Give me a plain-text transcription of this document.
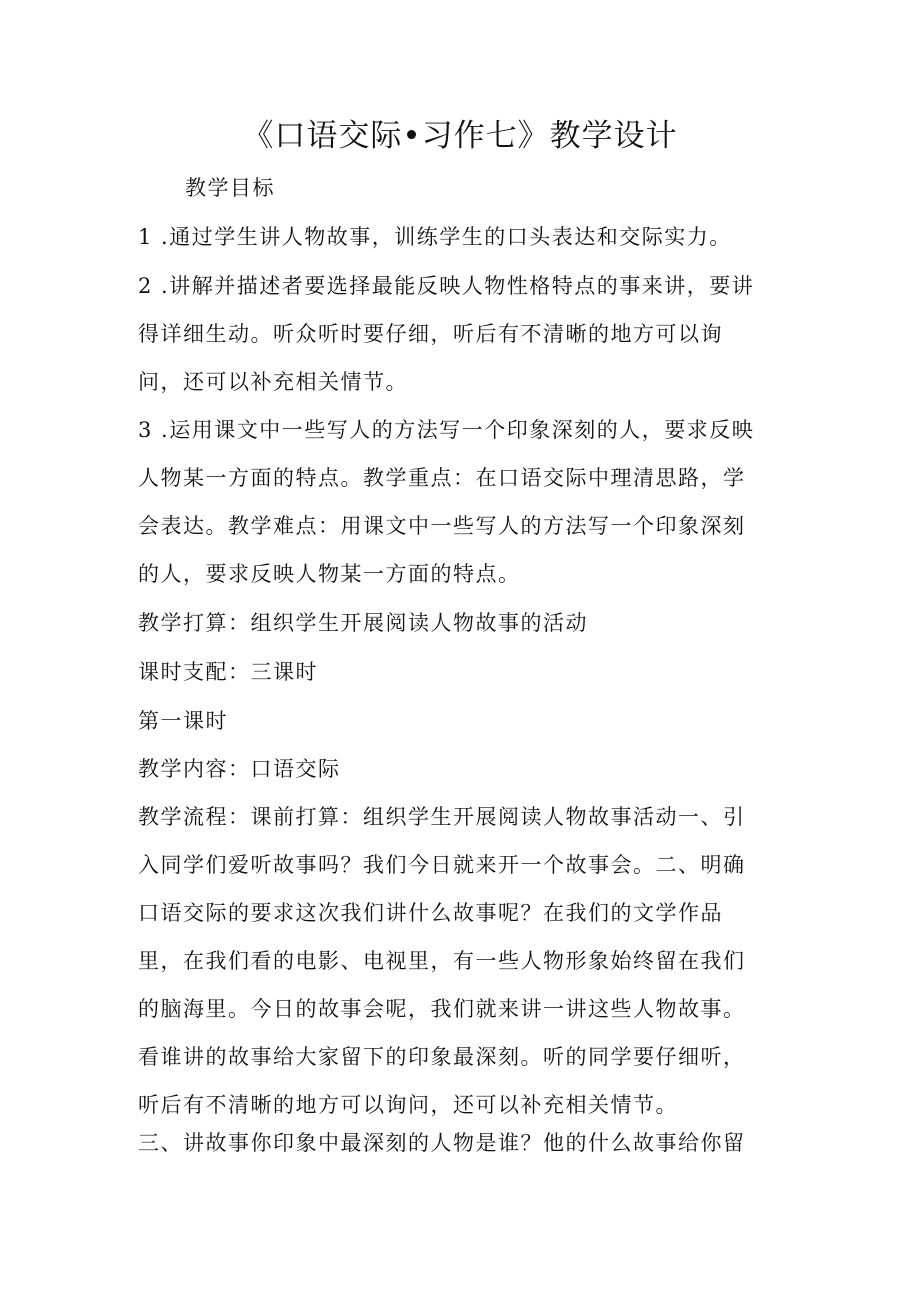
《口语交际•习作七》教学设计
教学目标
1 .通过学生讲人物故事，训练学生的口头表达和交际实力。
2 .讲解并描述者要选择最能反映人物性格特点的事来讲，要讲
得详细生动。听众听时要仔细，听后有不清晰的地方可以询
问，还可以补充相关情节。
3 .运用课文中一些写人的方法写一个印象深刻的人，要求反映
人物某一方面的特点。教学重点：在口语交际中理清思路，学
会表达。教学难点：用课文中一些写人的方法写一个印象深刻
的人，要求反映人物某一方面的特点。
教学打算：组织学生开展阅读人物故事的活动
课时支配：三课时
第一课时
教学内容：口语交际
教学流程：课前打算：组织学生开展阅读人物故事活动一、引
入同学们爱听故事吗？我们今日就来开一个故事会。二、明确
口语交际的要求这次我们讲什么故事呢？在我们的文学作品
里，在我们看的电影、电视里，有一些人物形象始终留在我们
的脑海里。今日的故事会呢，我们就来讲一讲这些人物故事。
看谁讲的故事给大家留下的印象最深刻。听的同学要仔细听，
听后有不清晰的地方可以询问，还可以补充相关情节。
三、讲故事你印象中最深刻的人物是谁？他的什么故事给你留
